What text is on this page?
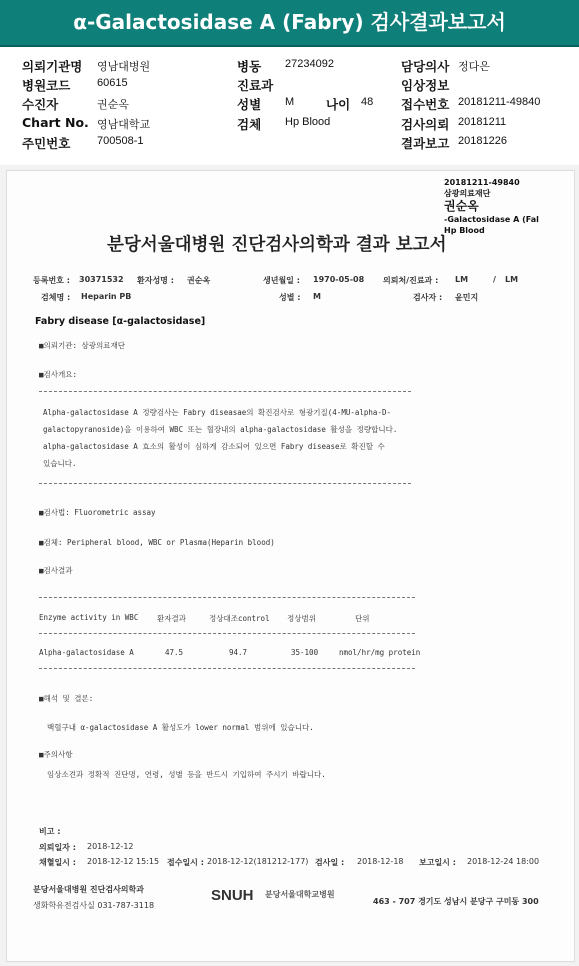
α-Galactosidase A (Fabry) 검사결과보고서
의뢰기관명 영남대병원
병원코드 60615
수진자	권순옥
Chart No. 영남대학교
주민번호 700508-1
병동 27234092
진료과
성별 M	나이 48
검체 Hp Blood
담당의사 정다은
임상정보
접수번호 20181211-49840
검사의뢰 20181211
결과보고 20181226
20181211-49840
삼광의료재단
권순옥
-Galactosidase A (Fal
Hp Blood
분당서울대병원 진단검사의학과 결과 보고서
등록번호 : 30371532 환자성명 : 권순옥	생년월일 : 1970-05-08 의뢰처/진료과 : LM	/ LM
검체명 : Heparin PB	성별 : M	검사자 : 윤민지
Fabry disease [α-galactosidase]
■의뢰기관: 삼광의료재단
■검사개요:
Alpha-galactosidase A 정량검사는 Fabry diseasae의 확진검사로 형광기질(4-MU-alpha-D-
galactopyranoside)을 이용하여 WBC 또는 혈장내의 alpha-galactosidase 활성을 정량합니다.
alpha-galactosidase A 효소의 활성이 심하게 감소되어 있으면 Fabry disease로 확진할 수
있습니다.
■검사법: Fluorometric assay
■검체: Peripheral blood, WBC or Plasma(Heparin blood)
■검사결과
Enzyme activity in WBC 환자결과	정상대조control 정상범위	단위
Alpha-galactosidase A	47.5	94.7	35-100	nmol/hr/mg protein
■해석 및 결론:
백혈구내 α-galactosidase A 활성도가 lower normal 범위에 있습니다.
■주의사항
임상소견과 정확적 진단명, 연령, 성별 등을 반드시 기입하여 주시기 바랍니다.
비고 :
의뢰일자 : 2018-12-12
채혈일시 : 2018-12-12 15:15 접수일시 : 2018-12-12(181212-177) 검사일 : 2018-12-18 보고일시 : 2018-12-24 18:00
분당서울대병원 진단검사의학과
생화학유전검사실 031-787-3118
SNUH 분당서울대학교병원
463 - 707 경기도 성남시 분당구 구미동 300
